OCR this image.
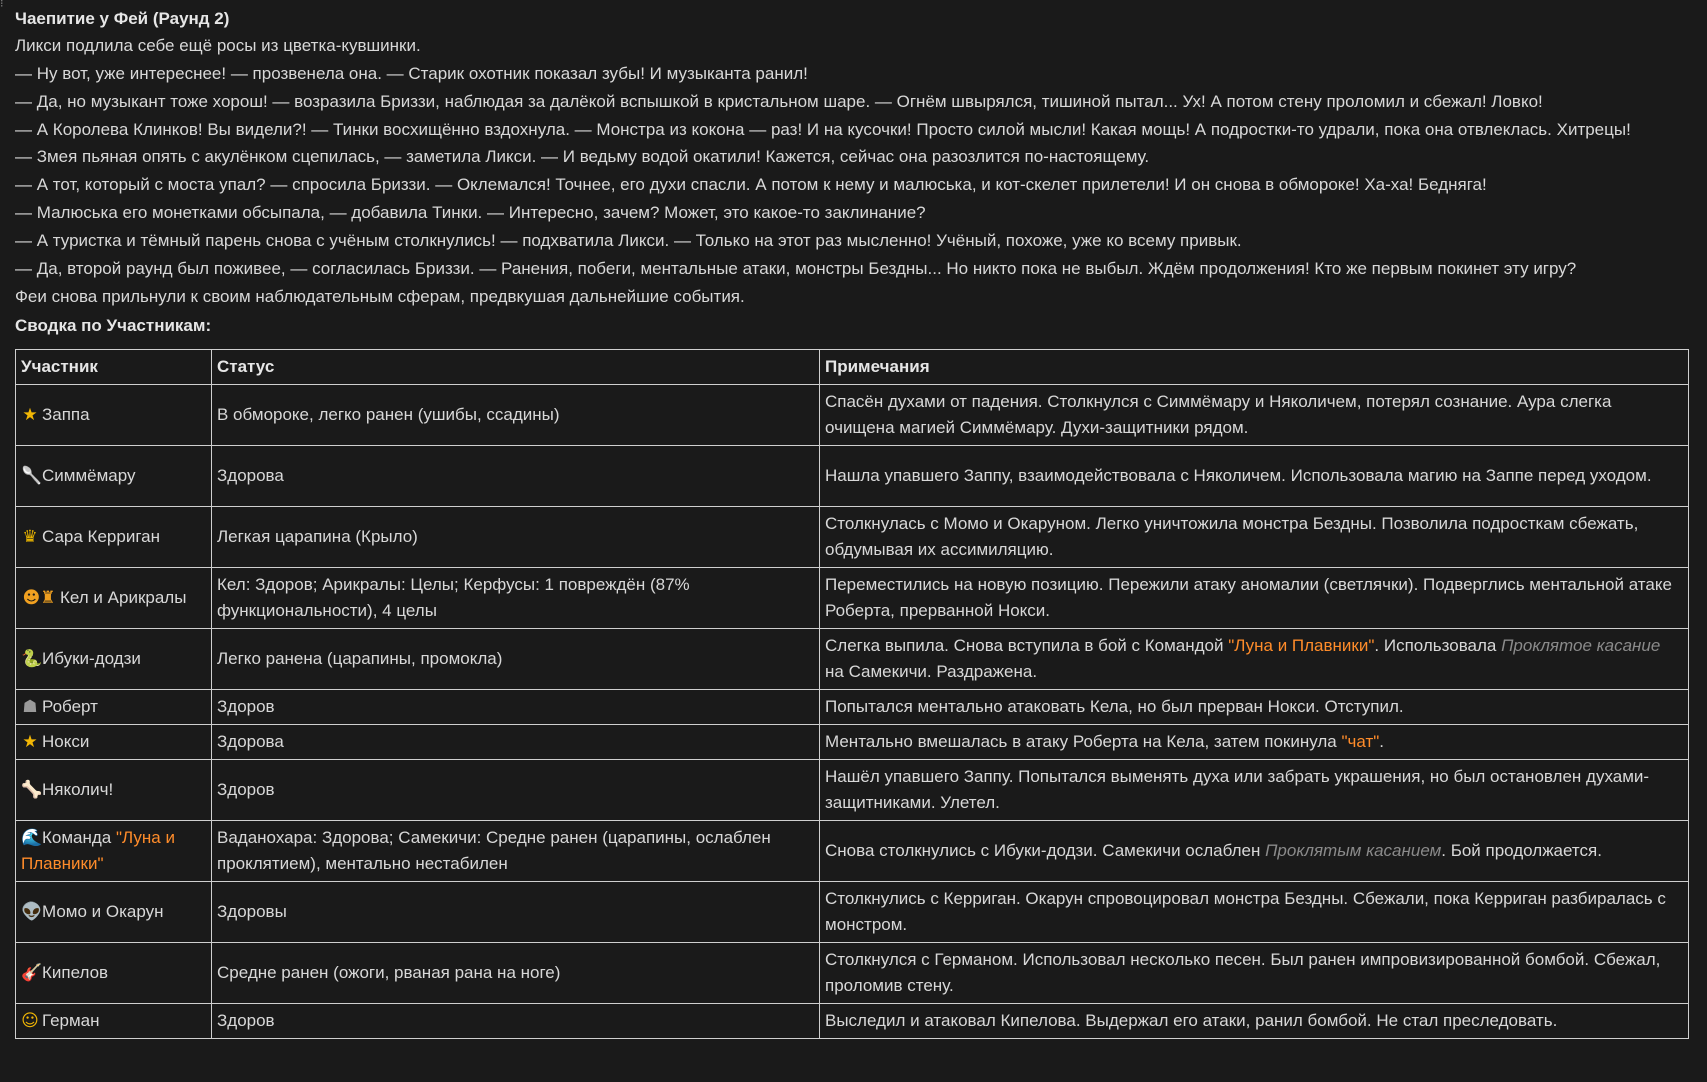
⁝

Чаепитие у Фей (Раунд 2)

Ликси подлила себе ещё росы из цветка-кувшинки.

— Ну вот, уже интереснее! — прозвенела она. — Старик охотник показал зубы! И музыканта ранил!

— Да, но музыкант тоже хорош! — возразила Бриззи, наблюдая за далёкой вспышкой в кристальном шаре. — Огнём швырялся, тишиной пытал... Ух! А потом стену проломил и сбежал! Ловко!

— А Королева Клинков! Вы видели?! — Тинки восхищённо вздохнула. — Монстра из кокона — раз! И на кусочки! Просто силой мысли! Какая мощь! А подростки-то удрали, пока она отвлеклась. Хитрецы!

— Змея пьяная опять с акулёнком сцепилась, — заметила Ликси. — И ведьму водой окатили! Кажется, сейчас она разозлится по-настоящему.

— А тот, который с моста упал? — спросила Бриззи. — Оклемался! Точнее, его духи спасли. А потом к нему и малюська, и кот-скелет прилетели! И он снова в обмороке! Ха-ха! Бедняга!

— Малюська его монетками обсыпала, — добавила Тинки. — Интересно, зачем? Может, это какое-то заклинание?

— А туристка и тёмный парень снова с учёным столкнулись! — подхватила Ликси. — Только на этот раз мысленно! Учёный, похоже, уже ко всему привык.

— Да, второй раунд был поживее, — согласилась Бриззи. — Ранения, побеги, ментальные атаки, монстры Бездны... Но никто пока не выбыл. Ждём продолжения! Кто же первым покинет эту игру?

Феи снова прильнули к своим наблюдательным сферам, предвкушая дальнейшие события.

Сводка по Участникам:

Участник	Статус	Примечания
★ Заппа	В обмороке, легко ранен (ушибы, ссадины)	Спасён духами от падения. Столкнулся с Симмёмару и Няколичем, потерял сознание. Аура слегка очищена магией Симмёмару. Духи-защитники рядом.
🥄Симмёмару	Здорова	Нашла упавшего Заппу, взаимодействовала с Няколичем. Использовала магию на Заппе перед уходом.
♛ Сара Керриган	Легкая царапина (Крыло)	Столкнулась с Момо и Окаруном. Легко уничтожила монстра Бездны. Позволила подросткам сбежать, обдумывая их ассимиляцию.
☻♜ Кел и Арикралы	Кел: Здоров; Арикралы: Целы; Керфусы: 1 повреждён (87% функциональности), 4 целы	Переместились на новую позицию. Пережили атаку аномалии (светлячки). Подверглись ментальной атаке Роберта, прерванной Нокси.
🐍Ибуки-додзи	Легко ранена (царапины, промокла)	Слегка выпила. Снова вступила в бой с Командой "Луна и Плавники". Использовала Проклятое касание на Самекичи. Раздражена.
☗ Роберт	Здоров	Попытался ментально атаковать Кела, но был прерван Нокси. Отступил.
★ Нокси	Здорова	Ментально вмешалась в атаку Роберта на Кела, затем покинула "чат".
🦴Няколич!	Здоров	Нашёл упавшего Заппу. Попытался выменять духа или забрать украшения, но был остановлен духами-защитниками. Улетел.
🌊Команда "Луна и Плавники"	Ваданохара: Здорова; Самекичи: Средне ранен (царапины, ослаблен проклятием), ментально нестабилен	Снова столкнулись с Ибуки-додзи. Самекичи ослаблен Проклятым касанием. Бой продолжается.
👽Момо и Окарун	Здоровы	Столкнулись с Керриган. Окарун спровоцировал монстра Бездны. Сбежали, пока Керриган разбиралась с монстром.
🎸Кипелов	Средне ранен (ожоги, рваная рана на ноге)	Столкнулся с Германом. Использовал несколько песен. Был ранен импровизированной бомбой. Сбежал, проломив стену.
☺ Герман	Здоров	Выследил и атаковал Кипелова. Выдержал его атаки, ранил бомбой. Не стал преследовать.
